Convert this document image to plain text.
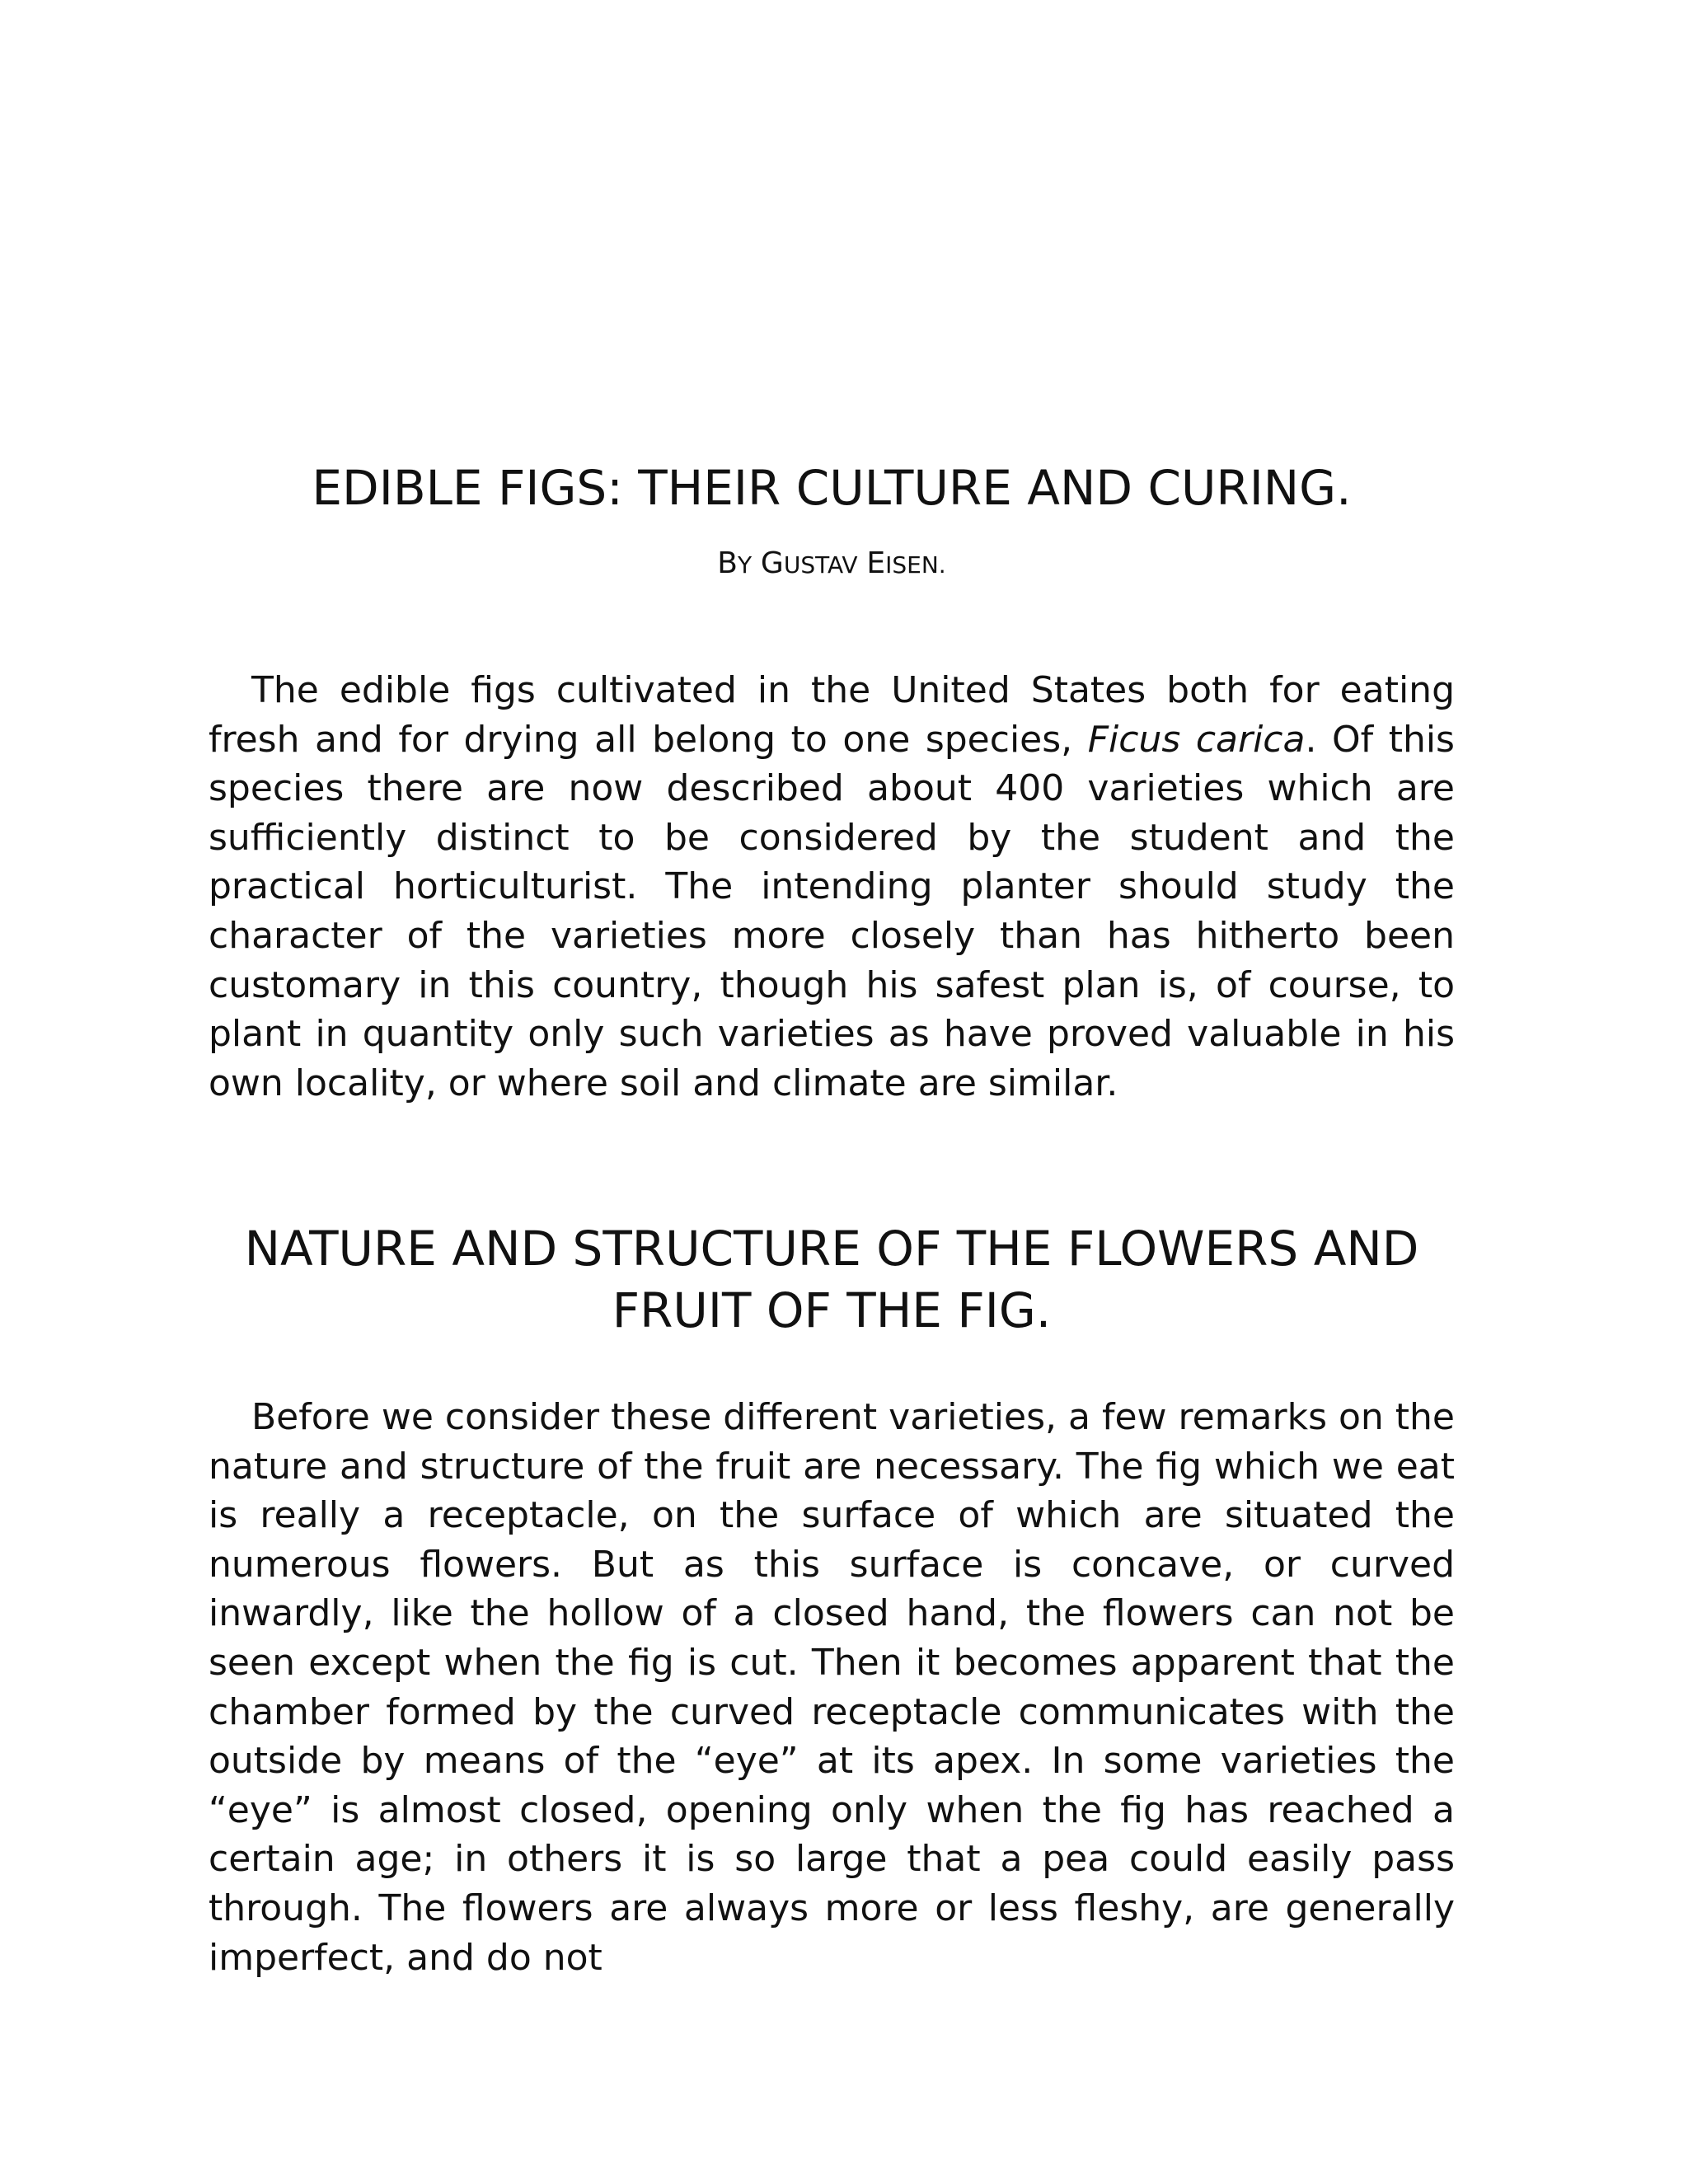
EDIBLE FIGS: THEIR CULTURE AND CURING.

BY GUSTAV EISEN.

The edible figs cultivated in the United States both for eating fresh and for drying all belong to one species, Ficus carica. Of this species there are now described about 400 varieties which are sufficiently distinct to be considered by the student and the practical horticulturist. The intending planter should study the character of the varieties more closely than has hitherto been customary in this country, though his safest plan is, of course, to plant in quantity only such varieties as have proved valuable in his own locality, or where soil and climate are similar.

NATURE AND STRUCTURE OF THE FLOWERS AND
FRUIT OF THE FIG.

Before we consider these different varieties, a few remarks on the nature and structure of the fruit are necessary. The fig which we eat is really a receptacle, on the surface of which are situated the numerous flowers. But as this surface is concave, or curved inwardly, like the hollow of a closed hand, the flowers can not be seen except when the fig is cut. Then it becomes apparent that the chamber formed by the curved receptacle communicates with the outside by means of the “eye” at its apex. In some varieties the “eye” is almost closed, opening only when the fig has reached a certain age; in others it is so large that a pea could easily pass through. The flowers are always more or less fleshy, are generally imperfect, and do not
